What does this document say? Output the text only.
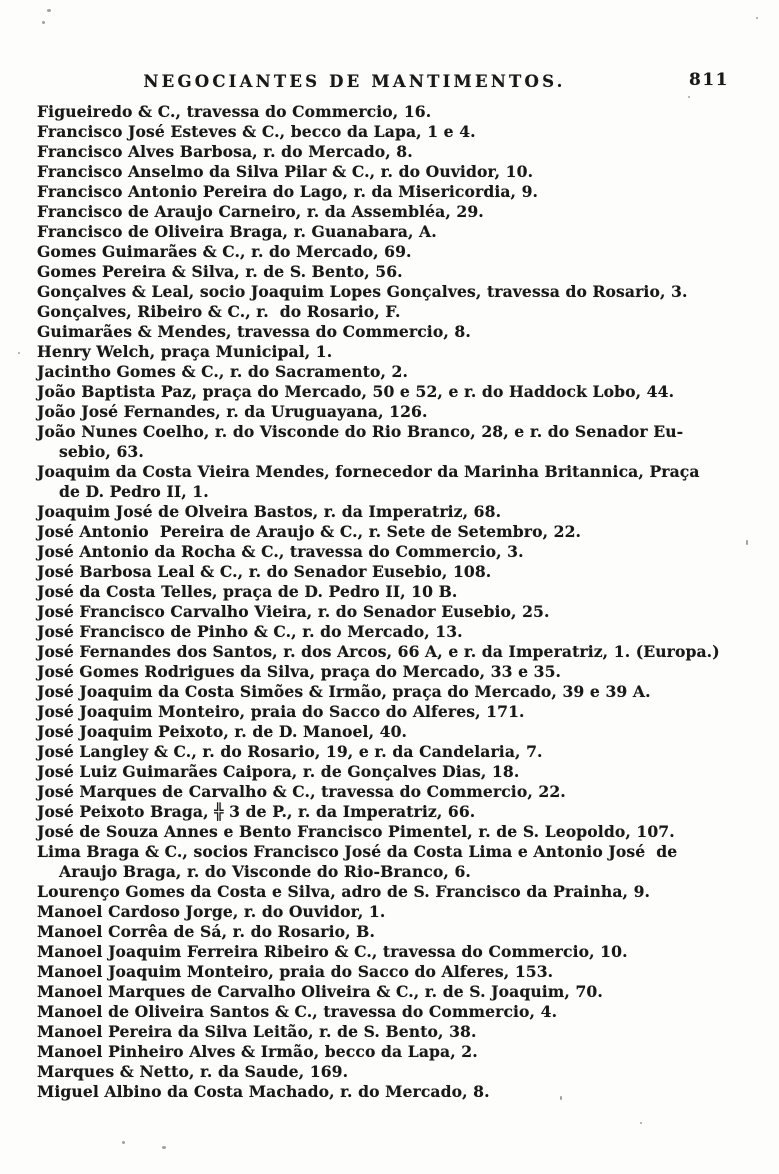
NEGOCIANTES DE MANTIMENTOS.	811
Figueiredo & C., travessa do Commercio, 16.
Francisco José Esteves & C., becco da Lapa, 1 e 4.
Francisco Alves Barbosa, r. do Mercado, 8.
Francisco Anselmo da Silva Pilar & C., r. do Ouvidor, 10.
Francisco Antonio Pereira do Lago, r. da Misericordia, 9.
Francisco de Araujo Carneiro, r. da Assembléa, 29.
Francisco de Oliveira Braga, r. Guanabara, A.
Gomes Guimarães & C., r. do Mercado, 69.
Gomes Pereira & Silva, r. de S. Bento, 56.
Gonçalves & Leal, socio Joaquim Lopes Gonçalves, travessa do Rosario, 3.
Gonçalves, Ribeiro & C., r.  do Rosario, F.
Guimarães & Mendes, travessa do Commercio, 8.
Henry Welch, praça Municipal, 1.
Jacintho Gomes & C., r. do Sacramento, 2.
João Baptista Paz, praça do Mercado, 50 e 52, e r. do Haddock Lobo, 44.
João José Fernandes, r. da Uruguayana, 126.
João Nunes Coelho, r. do Visconde do Rio Branco, 28, e r. do Senador Eu-
sebio, 63.
Joaquim da Costa Vieira Mendes, fornecedor da Marinha Britannica, Praça
de D. Pedro II, 1.
Joaquim José de Olveira Bastos, r. da Imperatriz, 68.
José Antonio  Pereira de Araujo & C., r. Sete de Setembro, 22.
José Antonio da Rocha & C., travessa do Commercio, 3.
José Barbosa Leal & C., r. do Senador Eusebio, 108.
José da Costa Telles, praça de D. Pedro II, 10 B.
José Francisco Carvalho Vieira, r. do Senador Eusebio, 25.
José Francisco de Pinho & C., r. do Mercado, 13.
José Fernandes dos Santos, r. dos Arcos, 66 A, e r. da Imperatriz, 1. (Europa.)
José Gomes Rodrigues da Silva, praça do Mercado, 33 e 35.
José Joaquim da Costa Simões & Irmão, praça do Mercado, 39 e 39 A.
José Joaquim Monteiro, praia do Sacco do Alferes, 171.
José Joaquim Peixoto, r. de D. Manoel, 40.
José Langley & C., r. do Rosario, 19, e r. da Candelaria, 7.
José Luiz Guimarães Caipora, r. de Gonçalves Dias, 18.
José Marques de Carvalho & C., travessa do Commercio, 22.
José Peixoto Braga, ╬ 3 de P., r. da Imperatriz, 66.
José de Souza Annes e Bento Francisco Pimentel, r. de S. Leopoldo, 107.
Lima Braga & C., socios Francisco José da Costa Lima e Antonio José  de
Araujo Braga, r. do Visconde do Rio-Branco, 6.
Lourenço Gomes da Costa e Silva, adro de S. Francisco da Prainha, 9.
Manoel Cardoso Jorge, r. do Ouvidor, 1.
Manoel Corrêa de Sá, r. do Rosario, B.
Manoel Joaquim Ferreira Ribeiro & C., travessa do Commercio, 10.
Manoel Joaquim Monteiro, praia do Sacco do Alferes, 153.
Manoel Marques de Carvalho Oliveira & C., r. de S. Joaquim, 70.
Manoel de Oliveira Santos & C., travessa do Commercio, 4.
Manoel Pereira da Silva Leitão, r. de S. Bento, 38.
Manoel Pinheiro Alves & Irmão, becco da Lapa, 2.
Marques & Netto, r. da Saude, 169.
Miguel Albino da Costa Machado, r. do Mercado, 8.
